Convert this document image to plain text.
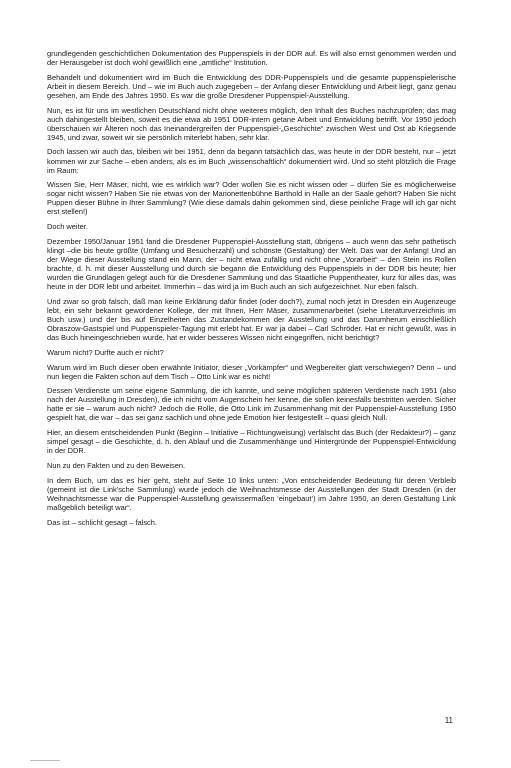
grundlegenden geschichtlichen Dokumentation des Puppenspiels in der DDR auf. Es will also ernst genommen werden und der Herausgeber ist doch wohl gewißlich eine „amtliche“ Institution.

Behandelt und dokumentiert wird im Buch die Entwicklung des DDR-Puppenspiels und die gesamte puppenspielerische Arbeit in diesem Bereich. Und – wie im Buch auch zugegeben – der Anfang dieser Entwicklung und Arbeit liegt, ganz genau gesehen, am Ende des Jahres 1950. Es war die große Dresdener Puppenspiel-Ausstellung.

Nun, es ist für uns im westlichen Deutschland nicht ohne weiteres möglich, den Inhalt des Buches nachzuprüfen; das mag auch dahingestellt bleiben, soweit es die etwa ab 1951 DDR-intern getane Arbeit und Entwicklung betrifft. Vor 1950 jedoch überschauen wir Älteren noch das Ineinandergreifen der Puppenspiel-„Geschichte“ zwischen West und Ost ab Kriegsende 1945, und zwar, soweit wir sie persönlich miterlebt haben, sehr klar.

Doch lassen wir auch das, bleiben wir bei 1951, denn da begann tatsächlich das, was heute in der DDR besteht, nur – jetzt kommen wir zur Sache – eben anders, als es im Buch „wissenschaftlich“ dokumentiert wird. Und so steht plötzlich die Frage im Raum:

Wissen Sie, Herr Mäser, nicht, wie es wirklich war? Oder wollen Sie es nicht wissen oder – dürfen Sie es möglicherweise sogar nicht wissen? Haben Sie nie etwas von der Marionettenbühne Barthold in Halle an der Saale gehört? Haben Sie nicht Puppen dieser Bühne in Ihrer Sammlung? (Wie diese damals dahin gekommen sind, diese peinliche Frage will ich gar nicht erst stellen!)

Doch weiter.

Dezember 1950/Januar 1951 fand die Dresdener Puppenspiel-Ausstellung statt, übrigens – auch wenn das sehr pathetisch klingt –die bis heute größte (Umfang und Besucherzahl) und schönste (Gestaltung) der Welt. Das war der Anfang! Und an der Wiege dieser Ausstellung stand ein Mann, der – nicht etwa zufällig und nicht ohne „Vorarbeit“ – den Stein ins Rollen brachte, d. h. mit dieser Ausstellung und durch sie begann die Entwicklung des Puppenspiels in der DDR bis heute; hier wurden die Grundlagen gelegt auch für die Dresdener Sammlung und das Staatliche Puppentheater, kurz für alles das, was heute in der DDR lebt und arbeitet. Immerhin – das wird ja im Buch auch an sich aufgezeichnet. Nur eben falsch.

Und zwar so grob falsch, daß man keine Erklärung dafür findet (oder doch?), zumal noch jetzt in Dresden ein Augenzeuge lebt, ein sehr bekannt gewordener Kollege, der mit Ihnen, Herr Mäser, zusammenarbeitet (siehe Literaturverzeichnis im Buch usw.) und der bis auf Einzelheiten das Zustandekommen der Ausstellung und das Darumherum einschließlich Obraszow-Gastspiel und Puppenspieler-Tagung mit erlebt hat. Er war ja dabei – Carl Schröder. Hat er nicht gewußt, was in das Buch hineingeschrieben wurde, hat er wider besseres Wissen nicht eingegriffen, nicht berichtigt?

Warum nicht? Durfte auch er nicht?

Warum wird im Buch dieser oben erwähnte Initiator, dieser „Vorkämpfer“ und Wegbereiter glatt verschwiegen? Denn – und nun liegen die Fakten schon auf dem Tisch – Otto Link war es nicht!

Dessen Verdienste um seine eigene Sammlung, die ich kannte, und seine möglichen späteren Verdienste nach 1951 (also nach der Ausstellung in Dresden), die ich nicht vom Augenschein her kenne, die sollen keinesfalls bestritten werden. Sicher hatte er sie – warum auch nicht? Jedoch die Rolle, die Otto Link im Zusammenhang mit der Puppenspiel-Ausstellung 1950 gespielt hat, die war – das sei ganz sachlich und ohne jede Emotion hier festgestellt – quasi gleich Null.

Hier, an diesem entscheidenden Punkt (Beginn – Initiative – Richtungweisung) verfälscht das Buch (der Redakteur?) – ganz simpel gesagt – die Geschichte, d. h. den Ablauf und die Zusammenhänge und Hintergründe der Puppenspiel-Entwicklung in der DDR.

Nun zu den Fakten und zu den Beweisen.

In dem Buch, um das es hier geht, steht auf Seite 10 links unten: „Von entscheidender Bedeutung für deren Verbleib (gemeint ist die Link’sche Sammlung) wurde jedoch die Weihnachtsmesse der Ausstellungen der Stadt Dresden (in der Weihnachtsmesse war die Puppenspiel-Ausstellung gewissermaßen ‘eingebaut’) im Jahre 1950, an deren Gestaltung Link maßgeblich beteiligt war“.

Das ist – schlicht gesagt – falsch.

11
